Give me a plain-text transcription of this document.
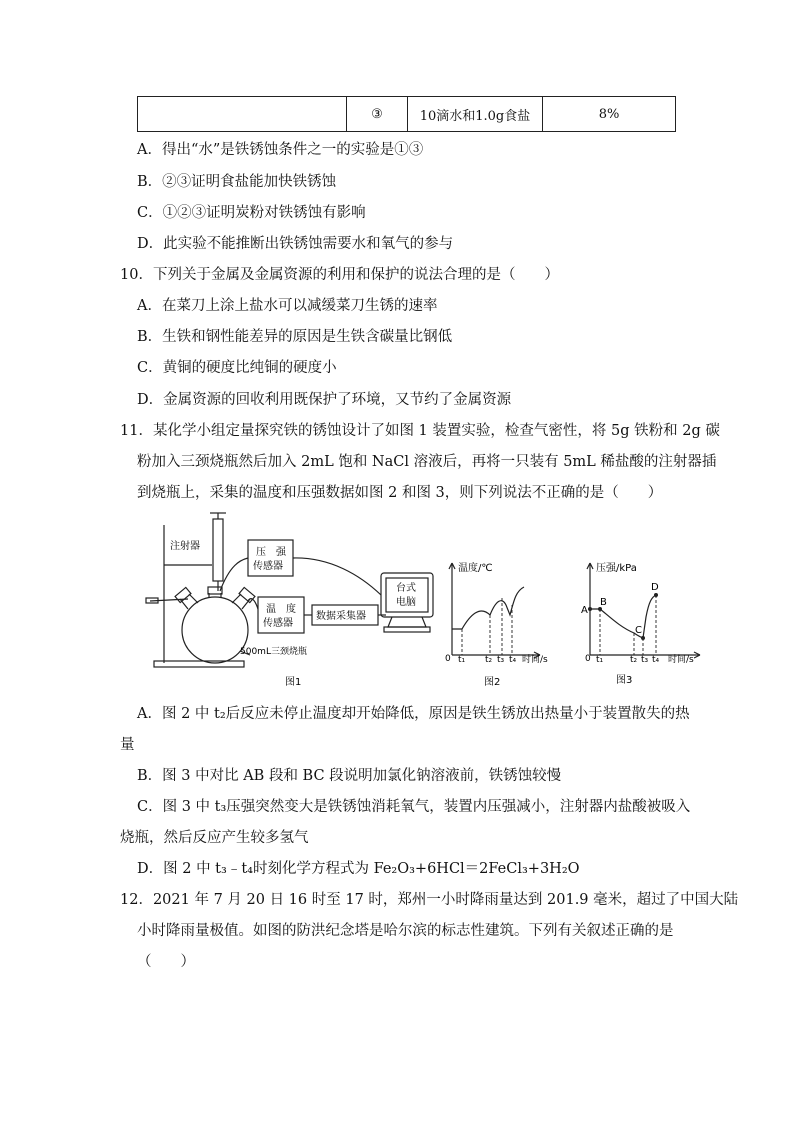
	③	10滴水和1.0g食盐	8%
A．得出“水”是铁锈蚀条件之一的实验是①③
B．②③证明食盐能加快铁锈蚀
C．①②③证明炭粉对铁锈蚀有影响
D．此实验不能推断出铁锈蚀需要水和氧气的参与
10．下列关于金属及金属资源的利用和保护的说法合理的是（　　）
A．在菜刀上涂上盐水可以减缓菜刀生锈的速率
B．生铁和钢性能差异的原因是生铁含碳量比钢低
C．黄铜的硬度比纯铜的硬度小
D．金属资源的回收利用既保护了环境，又节约了金属资源
11．某化学小组定量探究铁的锈蚀设计了如图 1 装置实验，检查气密性，将 5g 铁粉和 2g 碳
粉加入三颈烧瓶然后加入 2mL 饱和 NaCl 溶液后，再将一只装有 5mL 稀盐酸的注射器插
到烧瓶上，采集的温度和压强数据如图 2 和图 3，则下列说法不正确的是（　　）
注射器
压　强
传感器
温　度
传感器
数据采集器
台式
电脑
500mL三颈烧瓶
图1
温度/℃
0 t₁ t₂ t₃ t₄ 时间/s
图2
压强/kPa
A
B
C
D
0 t₁	t₂ t₃ t₄ 时间/s
图3
A．图 2 中 t₂后反应未停止温度却开始降低，原因是铁生锈放出热量小于装置散失的热
量
B．图 3 中对比 AB 段和 BC 段说明加氯化钠溶液前，铁锈蚀较慢
C．图 3 中 t₃压强突然变大是铁锈蚀消耗氧气，装置内压强减小，注射器内盐酸被吸入
烧瓶，然后反应产生较多氢气
D．图 2 中 t₃﹣t₄时刻化学方程式为 Fe₂O₃+6HCl＝2FeCl₃+3H₂O
12．2021 年 7 月 20 日 16 时至 17 时，郑州一小时降雨量达到 201.9 毫米，超过了中国大陆
小时降雨量极值。如图的防洪纪念塔是哈尔滨的标志性建筑。下列有关叙述正确的是
（　　）
